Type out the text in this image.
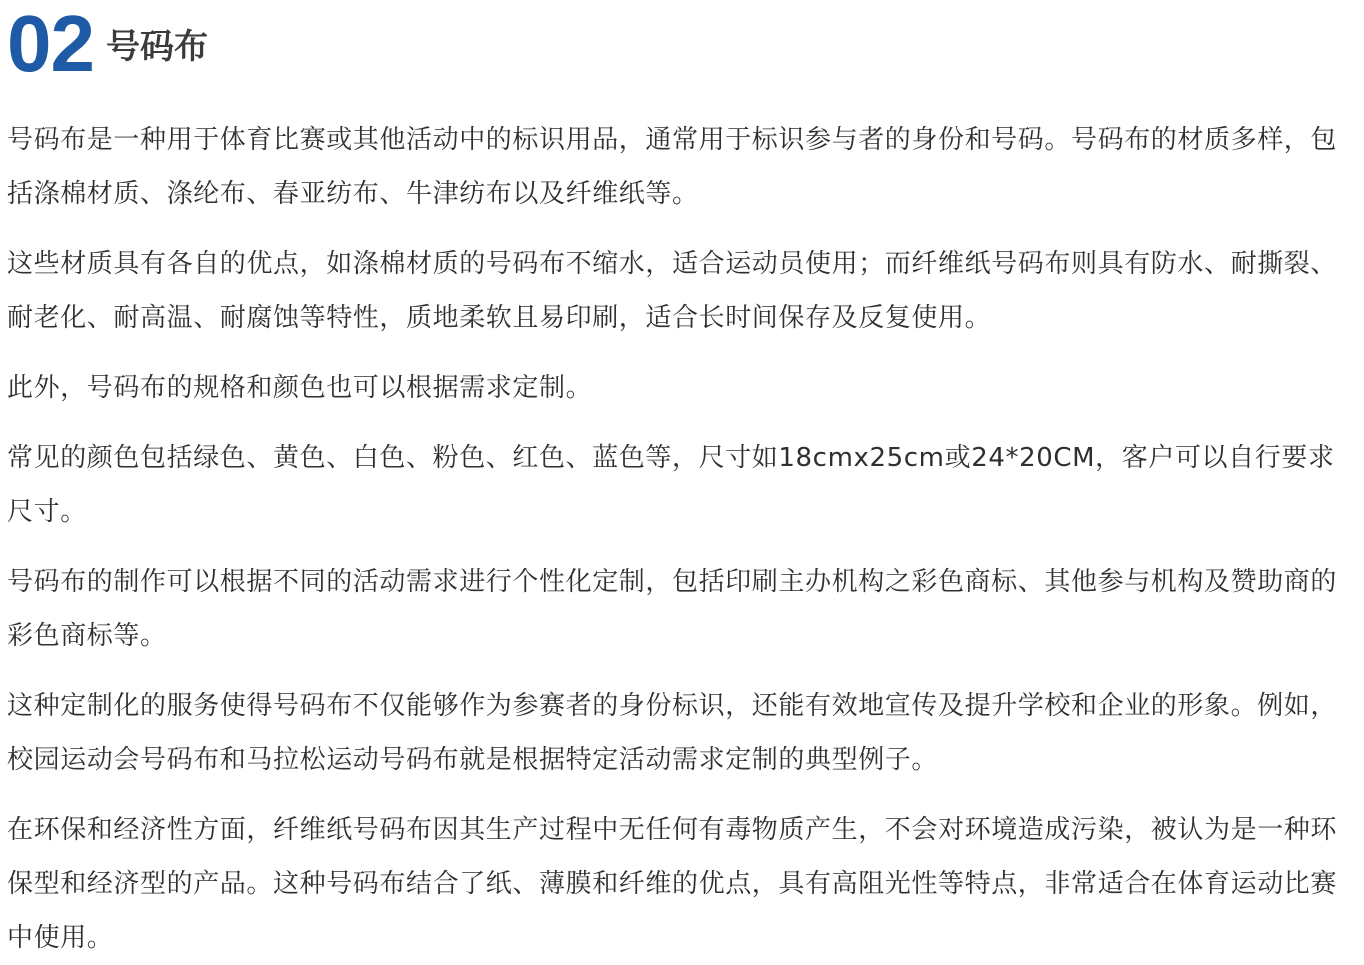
02 号码布

号码布是一种用于体育比赛或其他活动中的标识用品，通常用于标识参与者的身份和号码。号码布的材质多样，包括涤棉材质、涤纶布、春亚纺布、牛津纺布以及纤维纸等。

这些材质具有各自的优点，如涤棉材质的号码布不缩水，适合运动员使用；而纤维纸号码布则具有防水、耐撕裂、耐老化、耐高温、耐腐蚀等特性，质地柔软且易印刷，适合长时间保存及反复使用。

此外，号码布的规格和颜色也可以根据需求定制。

常见的颜色包括绿色、黄色、白色、粉色、红色、蓝色等，尺寸如18cmx25cm或24*20CM，客户可以自行要求尺寸。

号码布的制作可以根据不同的活动需求进行个性化定制，包括印刷主办机构之彩色商标、其他参与机构及赞助商的彩色商标等。

这种定制化的服务使得号码布不仅能够作为参赛者的身份标识，还能有效地宣传及提升学校和企业的形象。例如，校园运动会号码布和马拉松运动号码布就是根据特定活动需求定制的典型例子。

在环保和经济性方面，纤维纸号码布因其生产过程中无任何有毒物质产生，不会对环境造成污染，被认为是一种环保型和经济型的产品。这种号码布结合了纸、薄膜和纤维的优点，具有高阻光性等特点，非常适合在体育运动比赛中使用。
